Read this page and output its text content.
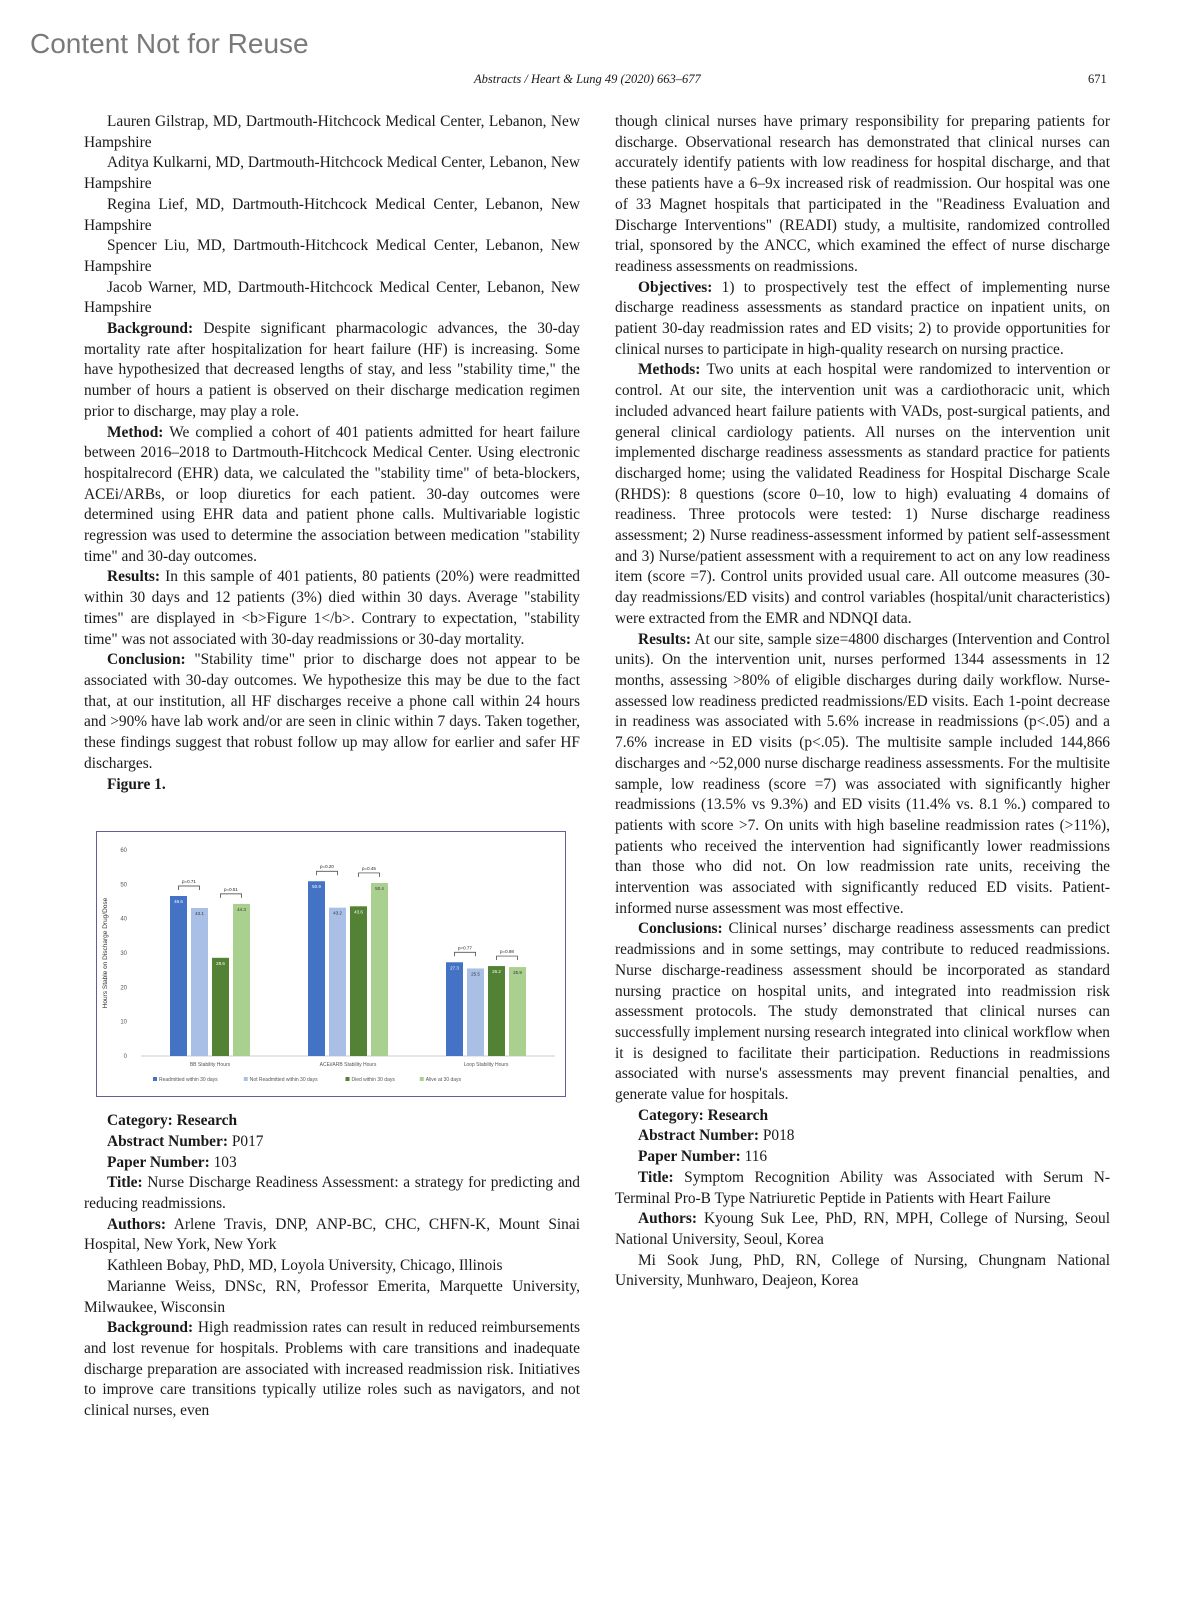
Content Not for Reuse
Abstracts / Heart & Lung 49 (2020) 663–677	671

Lauren Gilstrap, MD, Dartmouth-Hitchcock Medical Center, Lebanon, New Hampshire

Aditya Kulkarni, MD, Dartmouth-Hitchcock Medical Center, Lebanon, New Hampshire

Regina Lief, MD, Dartmouth-Hitchcock Medical Center, Lebanon, New Hampshire

Spencer Liu, MD, Dartmouth-Hitchcock Medical Center, Lebanon, New Hampshire

Jacob Warner, MD, Dartmouth-Hitchcock Medical Center, Lebanon, New Hampshire

Background: Despite significant pharmacologic advances, the 30-day mortality rate after hospitalization for heart failure (HF) is increasing. Some have hypothesized that decreased lengths of stay, and less "stability time," the number of hours a patient is observed on their discharge medication regimen prior to discharge, may play a role.

Method: We complied a cohort of 401 patients admitted for heart failure between 2016–2018 to Dartmouth-Hitchcock Medical Center. Using electronic hospitalrecord (EHR) data, we calculated the "stability time" of beta-blockers, ACEi/ARBs, or loop diuretics for each patient. 30-day outcomes were determined using EHR data and patient phone calls. Multivariable logistic regression was used to determine the association between medication "stability time" and 30-day outcomes.

Results: In this sample of 401 patients, 80 patients (20%) were readmitted within 30 days and 12 patients (3%) died within 30 days. Average "stability times" are displayed in <b>Figure 1</b>. Contrary to expectation, "stability time" was not associated with 30-day readmissions or 30-day mortality.

Conclusion: "Stability time" prior to discharge does not appear to be associated with 30-day outcomes. We hypothesize this may be due to the fact that, at our institution, all HF discharges receive a phone call within 24 hours and >90% have lab work and/or are seen in clinic within 7 days. Taken together, these findings suggest that robust follow up may allow for earlier and safer HF discharges.

Figure 1.

Hours Stable on Discharge Drug/Dose
0
10
20
30
40
50
60
46.6
43.1
28.6
44.3
p=0.71
p=0.51
BB Stability Hours
50.9
43.2	43.6
50.4
p=0.20	p=0.45
ACEi/ARB Stability Hours
27.3
25.5	26.2	25.9
p=0.77
p=0.98
Loop Stability Hours
Readmitted within 30 days	Not Readmitted within 30 days	Died within 30 days	Alive at 30 days

Category: Research

Abstract Number: P017

Paper Number: 103

Title: Nurse Discharge Readiness Assessment: a strategy for predicting and reducing readmissions.

Authors: Arlene Travis, DNP, ANP-BC, CHC, CHFN-K, Mount Sinai Hospital, New York, New York

Kathleen Bobay, PhD, MD, Loyola University, Chicago, Illinois

Marianne Weiss, DNSc, RN, Professor Emerita, Marquette University, Milwaukee, Wisconsin

Background: High readmission rates can result in reduced reimbursements and lost revenue for hospitals. Problems with care transitions and inadequate discharge preparation are associated with increased readmission risk. Initiatives to improve care transitions typically utilize roles such as navigators, and not clinical nurses, even

though clinical nurses have primary responsibility for preparing patients for discharge. Observational research has demonstrated that clinical nurses can accurately identify patients with low readiness for hospital discharge, and that these patients have a 6–9x increased risk of readmission. Our hospital was one of 33 Magnet hospitals that participated in the "Readiness Evaluation and Discharge Interventions" (READI) study, a multisite, randomized controlled trial, sponsored by the ANCC, which examined the effect of nurse discharge readiness assessments on readmissions.

Objectives: 1) to prospectively test the effect of implementing nurse discharge readiness assessments as standard practice on inpatient units, on patient 30-day readmission rates and ED visits; 2) to provide opportunities for clinical nurses to participate in high-quality research on nursing practice.

Methods: Two units at each hospital were randomized to intervention or control. At our site, the intervention unit was a cardiothoracic unit, which included advanced heart failure patients with VADs, post-surgical patients, and general clinical cardiology patients. All nurses on the intervention unit implemented discharge readiness assessments as standard practice for patients discharged home; using the validated Readiness for Hospital Discharge Scale (RHDS): 8 questions (score 0–10, low to high) evaluating 4 domains of readiness. Three protocols were tested: 1) Nurse discharge readiness assessment; 2) Nurse readiness-assessment informed by patient self-assessment and 3) Nurse/patient assessment with a requirement to act on any low readiness item (score =7). Control units provided usual care. All outcome measures (30-day readmissions/ED visits) and control variables (hospital/unit characteristics) were extracted from the EMR and NDNQI data.

Results: At our site, sample size=4800 discharges (Intervention and Control units). On the intervention unit, nurses performed 1344 assessments in 12 months, assessing >80% of eligible discharges during daily workflow. Nurse-assessed low readiness predicted readmissions/ED visits. Each 1-point decrease in readiness was associated with 5.6% increase in readmissions (p<.05) and a 7.6% increase in ED visits (p<.05). The multisite sample included 144,866 discharges and ~52,000 nurse discharge readiness assessments. For the multisite sample, low readiness (score =7) was associated with significantly higher readmissions (13.5% vs 9.3%) and ED visits (11.4% vs. 8.1 %.) compared to patients with score >7. On units with high baseline readmission rates (>11%), patients who received the intervention had significantly lower readmissions than those who did not. On low readmission rate units, receiving the intervention was associated with significantly reduced ED visits. Patient-informed nurse assessment was most effective.

Conclusions: Clinical nurses’ discharge readiness assessments can predict readmissions and in some settings, may contribute to reduced readmissions. Nurse discharge-readiness assessment should be incorporated as standard nursing practice on hospital units, and integrated into readmission risk assessment protocols. The study demonstrated that clinical nurses can successfully implement nursing research integrated into clinical workflow when it is designed to facilitate their participation. Reductions in readmissions associated with nurse's assessments may prevent financial penalties, and generate value for hospitals.

Category: Research

Abstract Number: P018

Paper Number: 116

Title: Symptom Recognition Ability was Associated with Serum N-Terminal Pro-B Type Natriuretic Peptide in Patients with Heart Failure

Authors: Kyoung Suk Lee, PhD, RN, MPH, College of Nursing, Seoul National University, Seoul, Korea

Mi Sook Jung, PhD, RN, College of Nursing, Chungnam National University, Munhwaro, Deajeon, Korea
